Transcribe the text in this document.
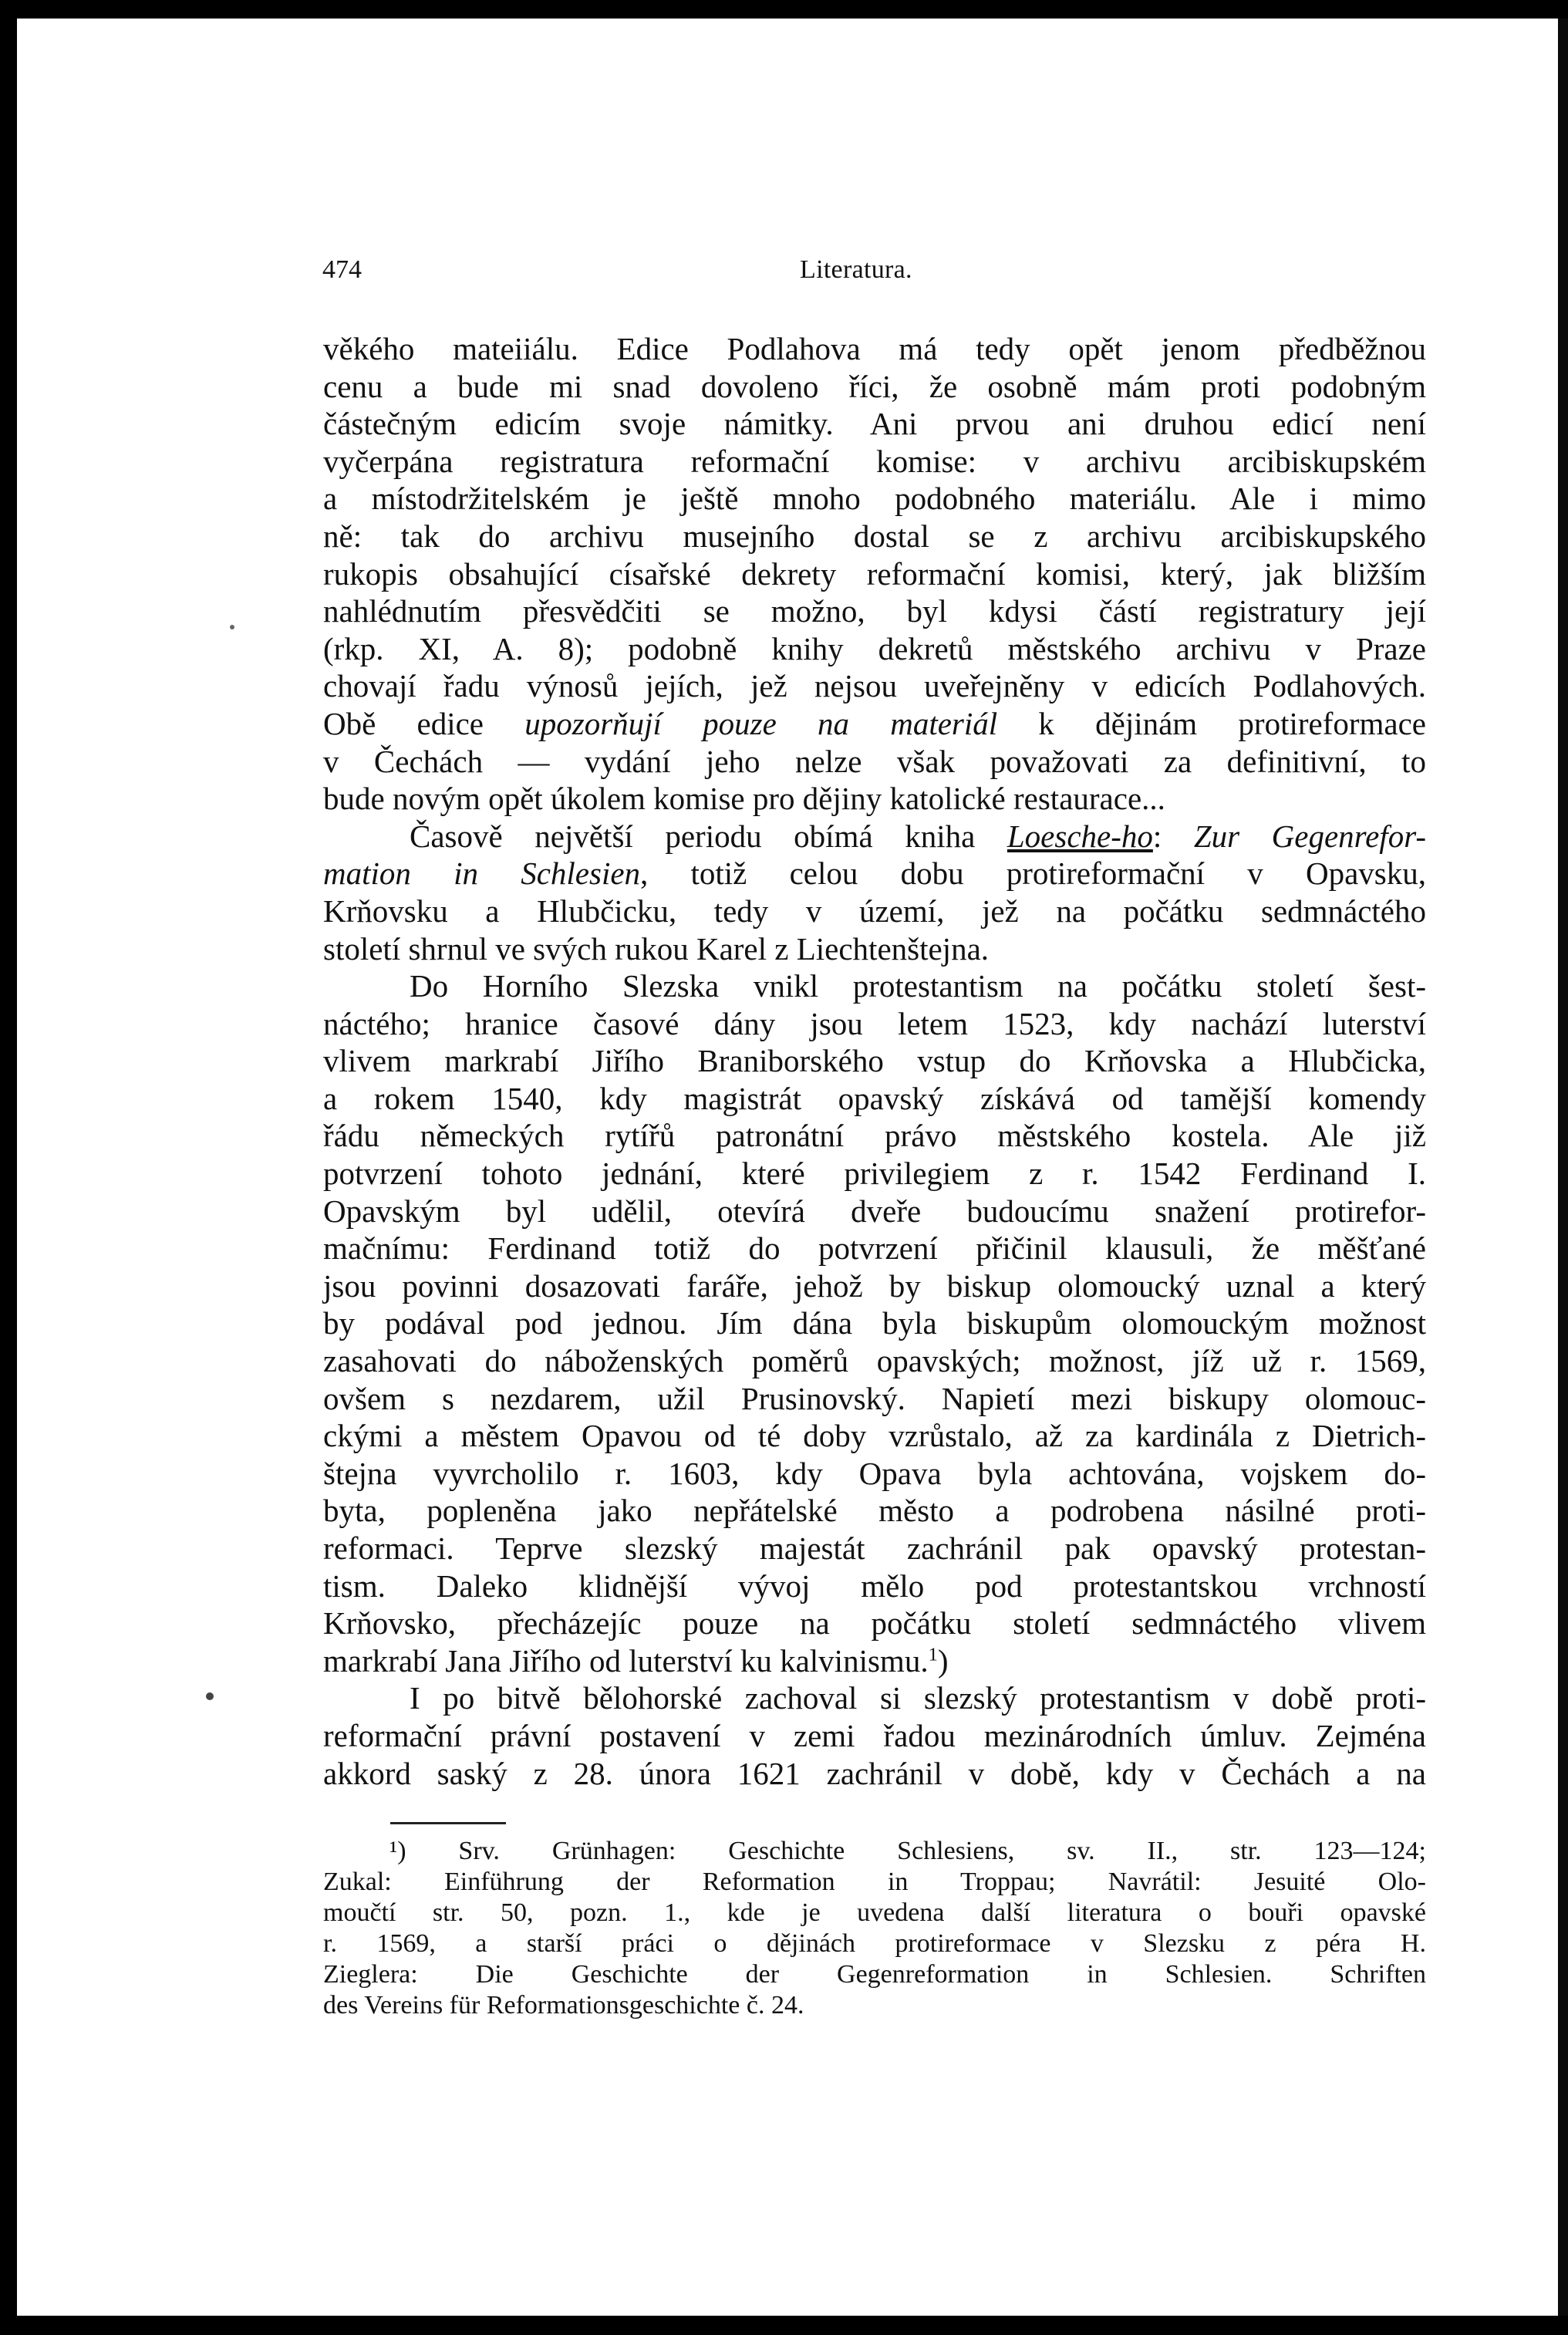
474	Literatura.
věkého mateiiálu. Edice Podlahova má tedy opět jenom předběžnou
cenu a bude mi snad dovoleno říci, že osobně mám proti podobným
částečným edicím svoje námitky. Ani prvou ani druhou edicí není
vyčerpána registratura reformační komise: v archivu arcibiskupském
a místodržitelském je ještě mnoho podobného materiálu. Ale i mimo
ně: tak do archivu musejního dostal se z archivu arcibiskupského
rukopis obsahující císařské dekrety reformační komisi, který, jak bližším
nahlédnutím přesvědčiti se možno, byl kdysi částí registratury její
(rkp. XI, A. 8); podobně knihy dekretů městského archivu v Praze
chovají řadu výnosů jejích, jež nejsou uveřejněny v edicích Podlahových.
Obě edice upozorňují pouze na materiál k dějinám protireformace
v Čechách — vydání jeho nelze však považovati za definitivní, to
bude novým opět úkolem komise pro dějiny katolické restaurace...
Časově největší periodu obímá kniha Loesche-ho: Zur Gegenrefor-
mation in Schlesien, totiž celou dobu protireformační v Opavsku,
Krňovsku a Hlubčicku, tedy v území, jež na počátku sedmnáctého
století shrnul ve svých rukou Karel z Liechtenštejna.
Do Horního Slezska vnikl protestantism na počátku století šest-
náctého; hranice časové dány jsou letem 1523, kdy nachází luterství
vlivem markrabí Jiřího Braniborského vstup do Krňovska a Hlubčicka,
a rokem 1540, kdy magistrát opavský získává od tamější komendy
řádu německých rytířů patronátní právo městského kostela. Ale již
potvrzení tohoto jednání, které privilegiem z r. 1542 Ferdinand I.
Opavským byl udělil, otevírá dveře budoucímu snažení protirefor-
mačnímu: Ferdinand totiž do potvrzení přičinil klausuli, že měšťané
jsou povinni dosazovati faráře, jehož by biskup olomoucký uznal a který
by podával pod jednou. Jím dána byla biskupům olomouckým možnost
zasahovati do náboženských poměrů opavských; možnost, jíž už r. 1569,
ovšem s nezdarem, užil Prusinovský. Napietí mezi biskupy olomouc-
ckými a městem Opavou od té doby vzrůstalo, až za kardinála z Dietrich-
štejna vyvrcholilo r. 1603, kdy Opava byla achtována, vojskem do-
byta, popleněna jako nepřátelské město a podrobena násilné proti-
reformaci. Teprve slezský majestát zachránil pak opavský protestan-
tism. Daleko klidnější vývoj mělo pod protestantskou vrchností
Krňovsko, přecházejíc pouze na počátku století sedmnáctého vlivem
markrabí Jana Jiřího od luterství ku kalvinismu.$^1$)
I po bitvě bělohorské zachoval si slezský protestantism v době proti-
reformační právní postavení v zemi řadou mezinárodních úmluv. Zejména
akkord saský z 28. února 1621 zachránil v době, kdy v Čechách a na
¹) Srv. Grünhagen: Geschichte Schlesiens, sv. II., str. 123—124;
Zukal: Einführung der Reformation in Troppau; Navrátil: Jesuité Olo-
moučtí str. 50, pozn. 1., kde je uvedena další literatura o bouři opavské
r. 1569, a starší práci o dějinách protireformace v Slezsku z péra H.
Zieglera: Die Geschichte der Gegenreformation in Schlesien. Schriften
des Vereins für Reformationsgeschichte č. 24.
